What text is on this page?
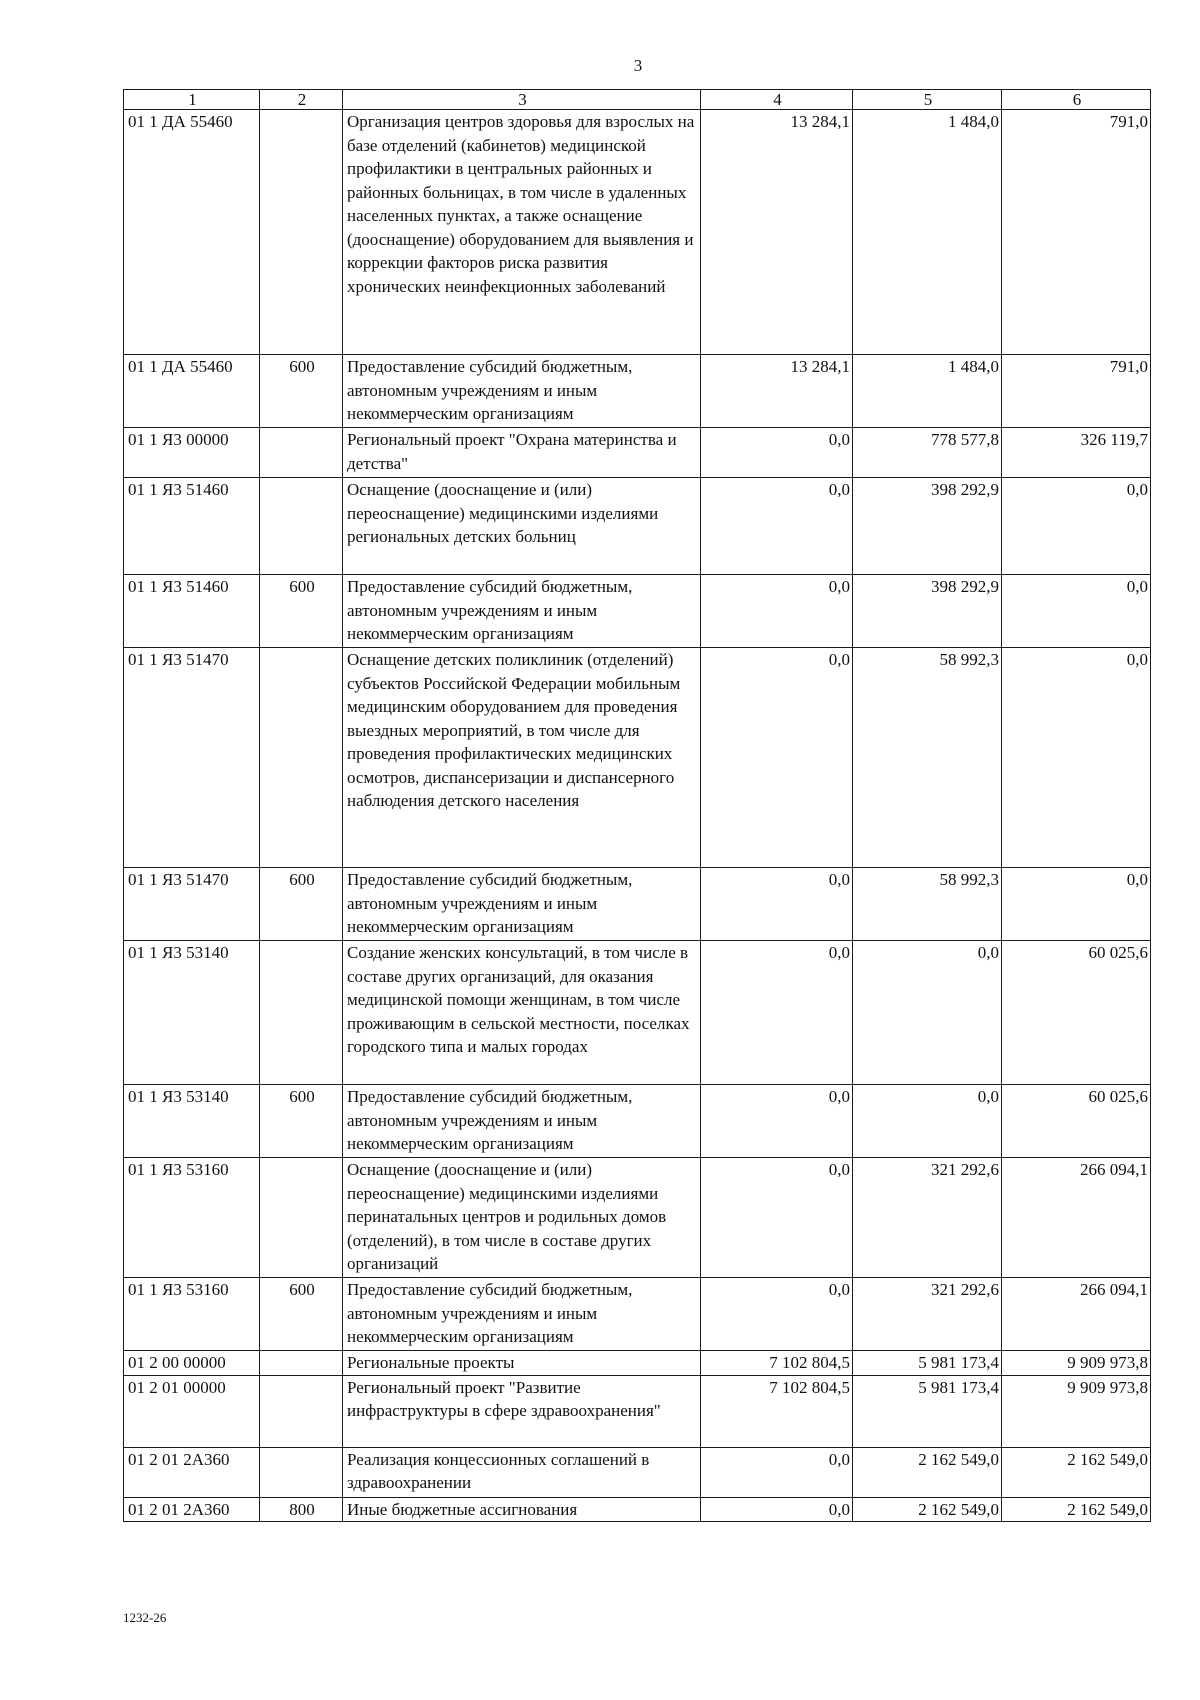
3
1	2	3	4	5	6
01 1 ДА 55460		Организация центров здоровья для взрослых на базе отделений (кабинетов) медицинской профилактики в центральных районных и районных больницах, в том числе в удаленных населенных пунктах, а также оснащение (дооснащение) оборудованием для выявления и коррекции факторов риска развития хронических неинфекционных заболеваний	13 284,1	1 484,0	791,0
01 1 ДА 55460	600	Предоставление субсидий бюджетным, автономным учреждениям и иным некоммерческим организациям	13 284,1	1 484,0	791,0
01 1 Я3 00000		Региональный проект "Охрана материнства и детства"	0,0	778 577,8	326 119,7
01 1 Я3 51460		Оснащение (дооснащение и (или) переоснащение) медицинскими изделиями региональных детских больниц	0,0	398 292,9	0,0
01 1 Я3 51460	600	Предоставление субсидий бюджетным, автономным учреждениям и иным некоммерческим организациям	0,0	398 292,9	0,0
01 1 Я3 51470		Оснащение детских поликлиник (отделений) субъектов Российской Федерации мобильным медицинским оборудованием для проведения выездных мероприятий, в том числе для проведения профилактических медицинских осмотров, диспансеризации и диспансерного наблюдения детского населения	0,0	58 992,3	0,0
01 1 Я3 51470	600	Предоставление субсидий бюджетным, автономным учреждениям и иным некоммерческим организациям	0,0	58 992,3	0,0
01 1 Я3 53140		Создание женских консультаций, в том числе в составе других организаций, для оказания медицинской помощи женщинам, в том числе проживающим в сельской местности, поселках городского типа и малых городах	0,0	0,0	60 025,6
01 1 Я3 53140	600	Предоставление субсидий бюджетным, автономным учреждениям и иным некоммерческим организациям	0,0	0,0	60 025,6
01 1 Я3 53160		Оснащение (дооснащение и (или) переоснащение) медицинскими изделиями перинатальных центров и родильных домов (отделений), в том числе в составе других организаций	0,0	321 292,6	266 094,1
01 1 Я3 53160	600	Предоставление субсидий бюджетным, автономным учреждениям и иным некоммерческим организациям	0,0	321 292,6	266 094,1
01 2 00 00000		Региональные проекты	7 102 804,5	5 981 173,4	9 909 973,8
01 2 01 00000		Региональный проект "Развитие инфраструктуры в сфере здравоохранения"	7 102 804,5	5 981 173,4	9 909 973,8
01 2 01 2А360		Реализация концессионных соглашений в здравоохранении	0,0	2 162 549,0	2 162 549,0
01 2 01 2А360	800	Иные бюджетные ассигнования	0,0	2 162 549,0	2 162 549,0
1232-26
